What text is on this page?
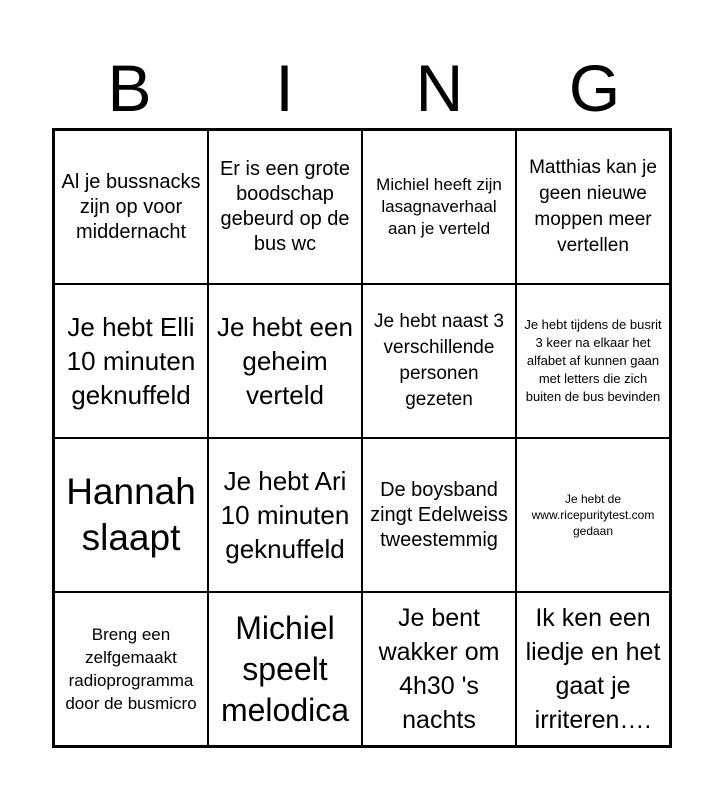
B	I	N	G
Al je bussnacks zijn op voor middernacht
Er is een grote boodschap gebeurd op de bus wc
Michiel heeft zijn lasagnaverhaal aan je verteld
Matthias kan je geen nieuwe moppen meer vertellen
Je hebt Elli 10 minuten geknuffeld
Je hebt een geheim verteld
Je hebt naast 3 verschillende personen gezeten
Je hebt tijdens de busrit 3 keer na elkaar het alfabet af kunnen gaan met letters die zich buiten de bus bevinden
Hannah slaapt
Je hebt Ari 10 minuten geknuffeld
De boysband zingt Edelweiss tweestemmig
Je hebt de www.ricepuritytest.com gedaan
Breng een zelfgemaakt radioprogramma door de busmicro
Michiel speelt melodica
Je bent wakker om 4h30 's nachts
Ik ken een liedje en het gaat je irriteren….
